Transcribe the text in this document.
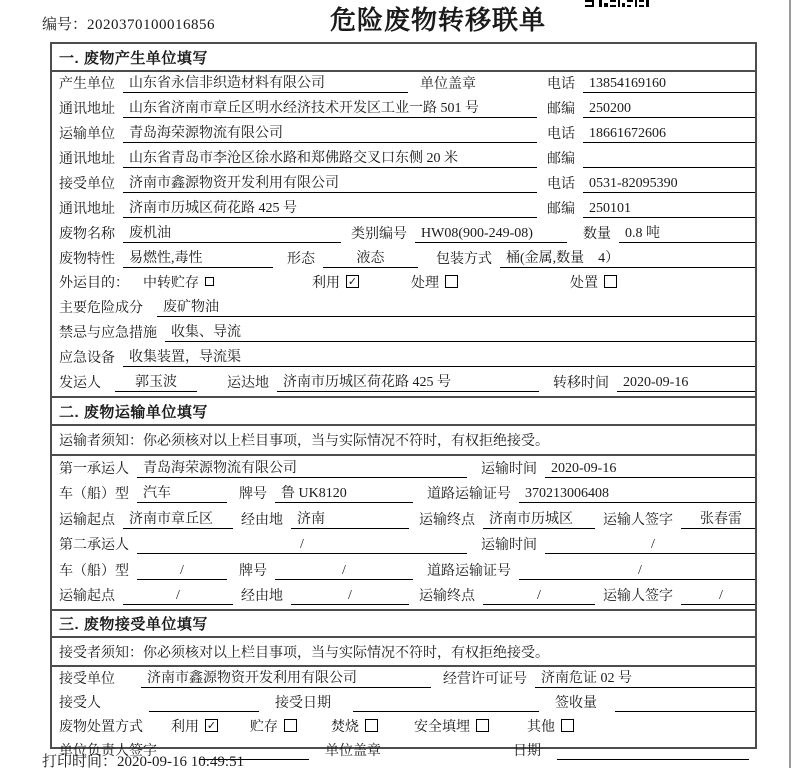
编号：2020370100016856	危险废物转移联单
一. 废物产生单位填写
产生单位	山东省永信非织造材料有限公司	单位盖章	电话	13854169160
通讯地址	山东省济南市章丘区明水经济技术开发区工业一路 501 号	邮编	250200
运输单位	青岛海荣源物流有限公司	电话	18661672606
通讯地址	山东省青岛市李沧区徐水路和郑佛路交叉口东侧 20 米	邮编
接受单位	济南市鑫源物资开发利用有限公司	电话	0531-82095390
通讯地址	济南市历城区荷花路 425 号	邮编	250101
废物名称	废机油	类别编号	HW08(900-249-08)	数量	0.8 吨
废物特性	易燃性,毒性	形态	液态	包装方式	桶(金属,数量　4）
外运目的： 中转贮存	利用 ✓	处理	处置
主要危险成分	废矿物油
禁忌与应急措施	收集、导流
应急设备	收集装置，导流渠
发运人	郭玉波	运达地	济南市历城区荷花路 425 号	转移时间	2020-09-16
二. 废物运输单位填写
运输者须知：你必须核对以上栏目事项，当与实际情况不符时，有权拒绝接受。
第一承运人	青岛海荣源物流有限公司	运输时间	2020-09-16
车（船）型	汽车	牌号	鲁 UK8120	道路运输证号	370213006408
运输起点	济南市章丘区	经由地	济南	运输终点	济南市历城区	运输人签字	张春雷
第二承运人	/	运输时间	/
车（船）型	/	牌号	/	道路运输证号	/
运输起点	/	经由地	/	运输终点	/	运输人签字	/
三. 废物接受单位填写
接受者须知：你必须核对以上栏目事项，当与实际情况不符时，有权拒绝接受。
接受单位	济南市鑫源物资开发利用有限公司	经营许可证号	济南危证 02 号
接受人	接受日期	签收量
废物处置方式 利用 ✓ 贮存	焚烧	安全填埋	其他
单位负责人签字	单位盖章	日期
打印时间：2020-09-16 10:49:51
